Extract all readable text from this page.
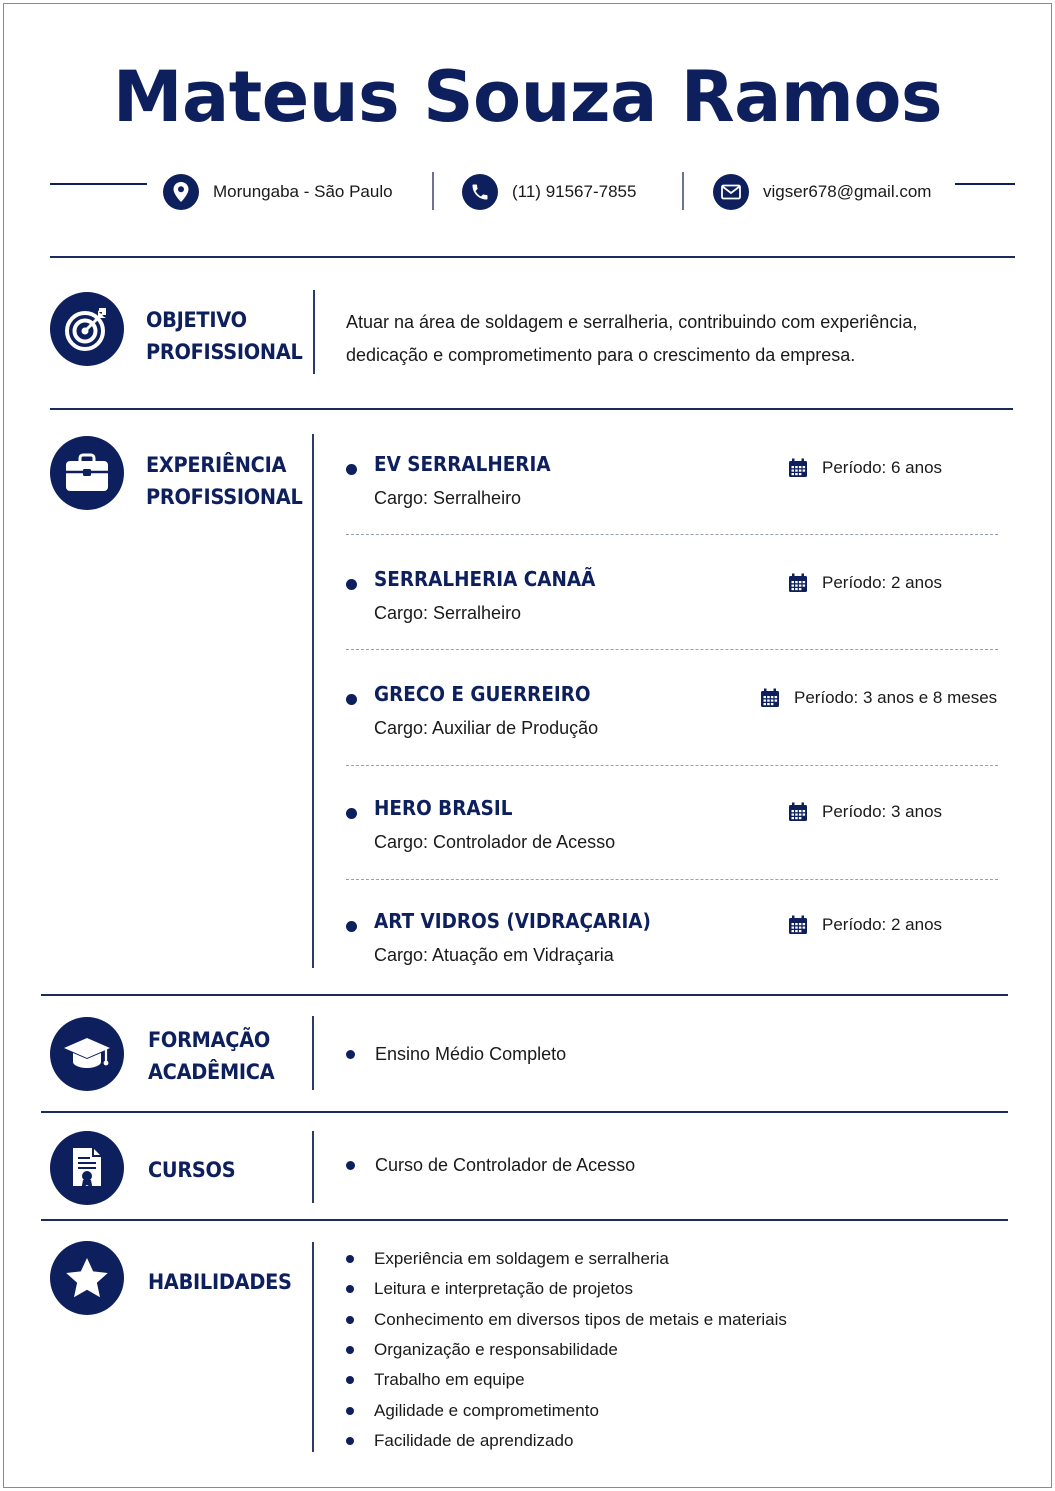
Mateus Souza Ramos
Morungaba - São Paulo	(11) 91567-7855	vigser678@gmail.com
OBJETIVO
PROFISSIONAL
Atuar na área de soldagem e serralheria, contribuindo com experiência,
dedicação e comprometimento para o crescimento da empresa.
EXPERIÊNCIA
PROFISSIONAL
EV SERRALHERIA
Cargo: Serralheiro
Período: 6 anos
SERRALHERIA CANAÃ
Cargo: Serralheiro
Período: 2 anos
GRECO E GUERREIRO
Cargo: Auxiliar de Produção
Período: 3 anos e 8 meses
HERO BRASIL
Cargo: Controlador de Acesso
Período: 3 anos
ART VIDROS (VIDRAÇARIA)
Cargo: Atuação em Vidraçaria
Período: 2 anos
FORMAÇÃO
ACADÊMICA
Ensino Médio Completo
CURSOS	Curso de Controlador de Acesso
HABILIDADES
Experiência em soldagem e serralheria
Leitura e interpretação de projetos
Conhecimento em diversos tipos de metais e materiais
Organização e responsabilidade
Trabalho em equipe
Agilidade e comprometimento
Facilidade de aprendizado
